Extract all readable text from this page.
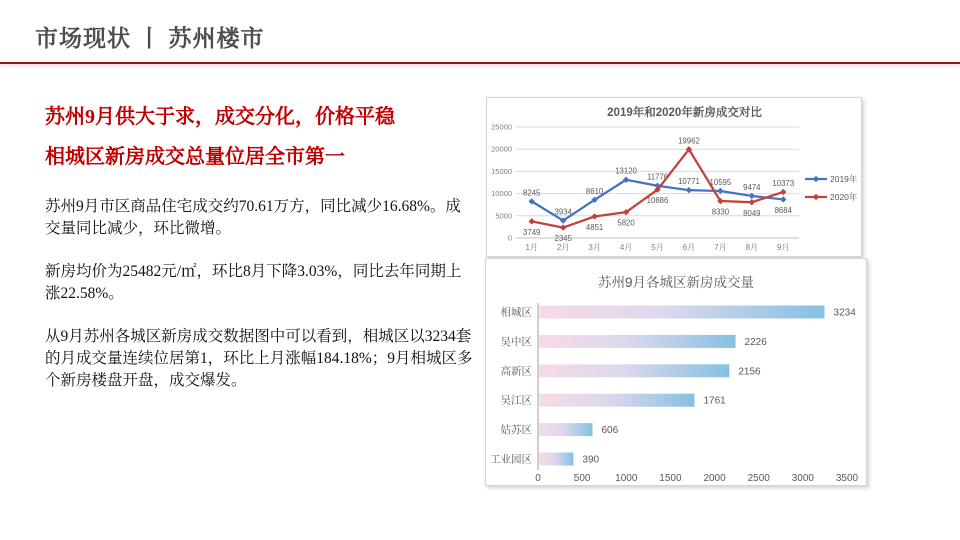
市场现状 丨 苏州楼市
苏州9月供大于求，成交分化，价格平稳
相城区新房成交总量位居全市第一

苏州9月市区商品住宅成交约70.61万方，同比减少16.68%。成交量同比减少，环比微增。

新房均价为25482元/㎡，环比8月下降3.03%，同比去年同期上涨22.58%。

从9月苏州各城区新房成交数据图中可以看到，相城区以3234套的月成交量连续位居第1，环比上月涨幅184.18%；9月相城区多个新房楼盘开盘，成交爆发。

2019年和2020年新房成交对比
0
5000
10000
15000
20000
25000
1月 2月 3月 4月 5月 6月 7月 8月 9月
8245
3934
8610
13120
11776 10771 10595
9474
8684
3749
2345
4851 5820
10886
19962
8330 8049
10373	2019年
2020年
苏州9月各城区新房成交量
相城区	3234
吴中区	2226
高新区	2156
吴江区	1761
姑苏区	606
工业园区	390
0	500 1000 1500 2000 2500 3000 3500
